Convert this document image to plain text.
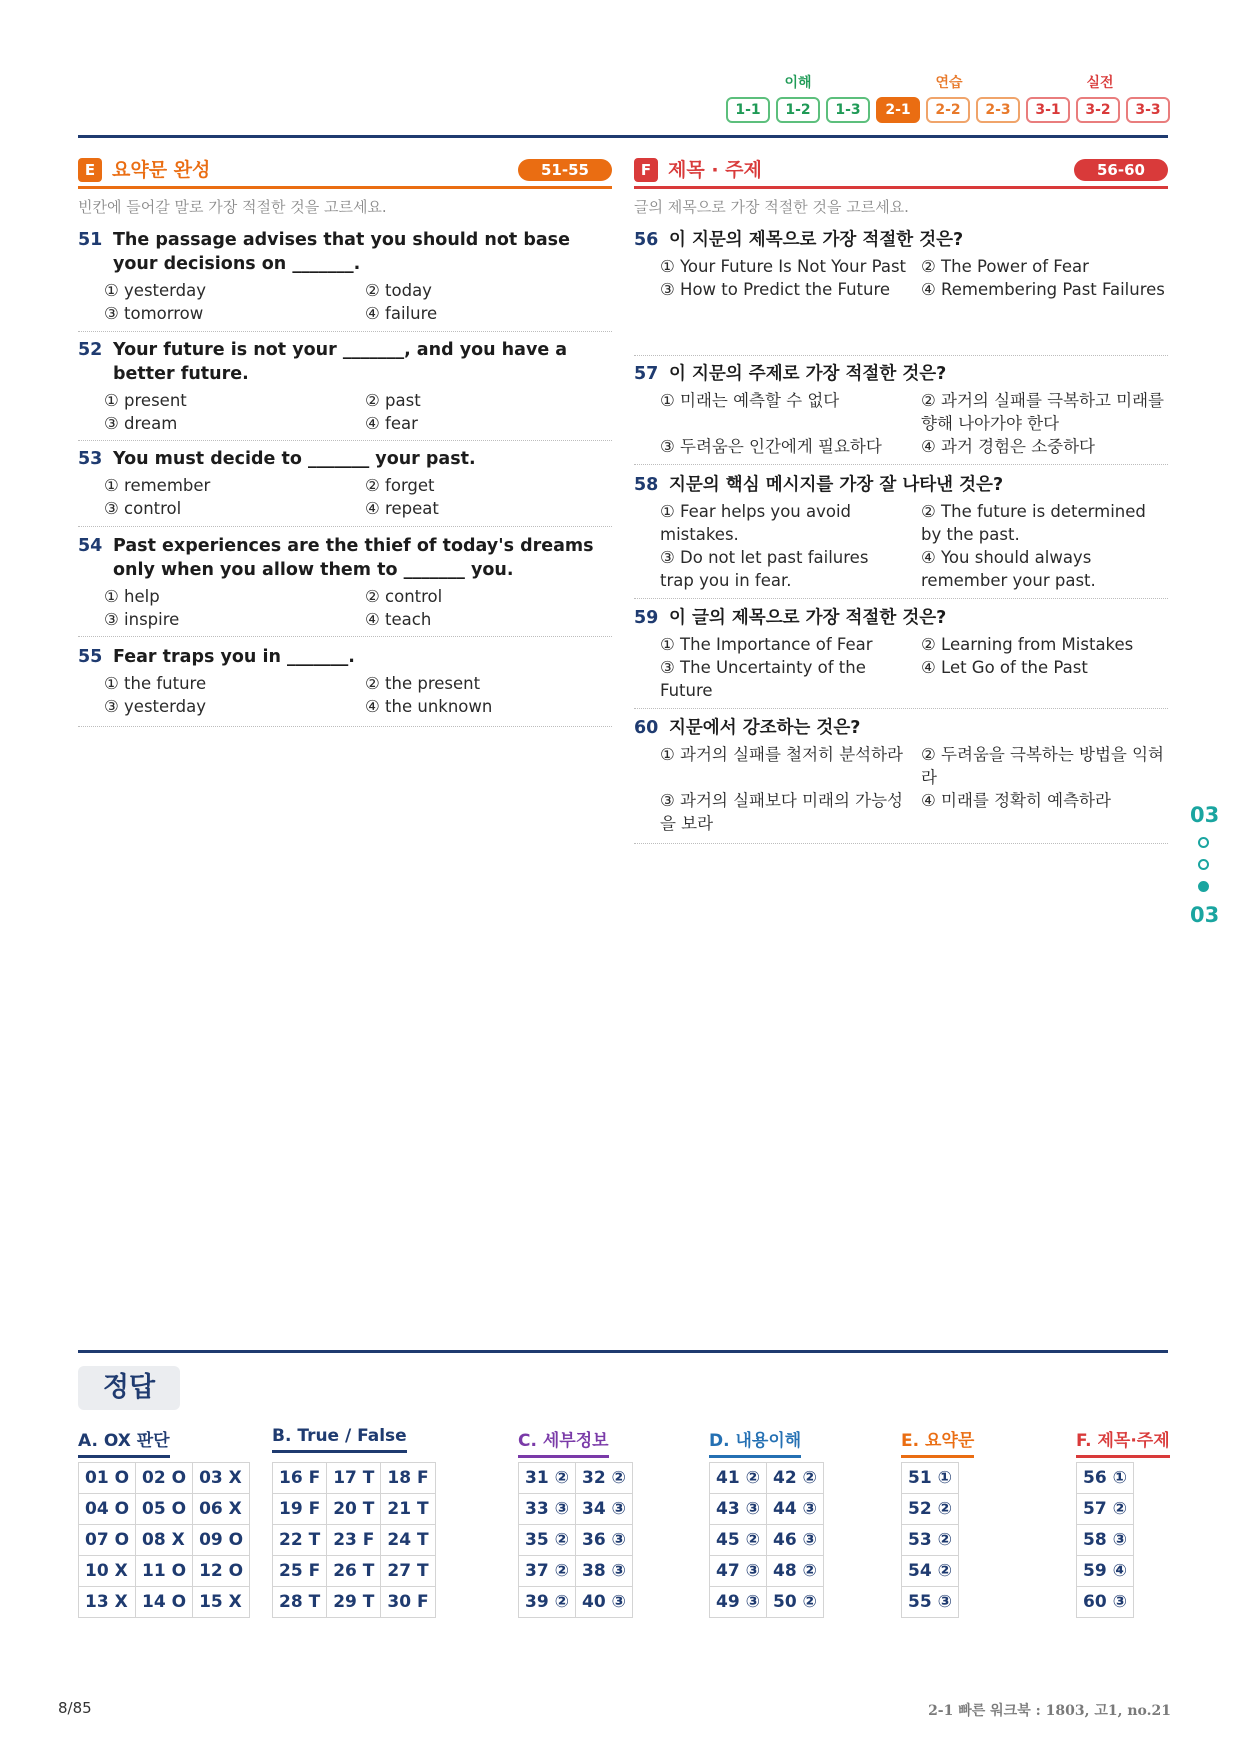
이해	연습	실전
1-1	1-2	1-3	2-1	2-2	2-3	3-1	3-2	3-3
E 요약문 완성	51-55
빈칸에 들어갈 말로 가장 적절한 것을 고르세요.
F 제목 · 주제	56-60
글의 제목으로 가장 적절한 것을 고르세요.
51 The passage advises that you should not base your decisions on _______.
① yesterday	② today
③ tomorrow	④ failure
52 Your future is not your _______, and you have a better future.
① present	② past
③ dream	④ fear
53 You must decide to _______ your past.
① remember	② forget
③ control	④ repeat
54 Past experiences are the thief of today's dreams only when you allow them to _______ you.
① help	② control
③ inspire	④ teach
55 Fear traps you in _______.
① the future	② the present
③ yesterday	④ the unknown
56 이 지문의 제목으로 가장 적절한 것은?
① Your Future Is Not Your Past ② The Power of Fear
③ How to Predict the Future	④ Remembering Past Failures
57 이 지문의 주제로 가장 적절한 것은?
① 미래는 예측할 수 없다	② 과거의 실패를 극복하고 미래를 향해 나아가야 한다
③ 두려움은 인간에게 필요하다	④ 과거 경험은 소중하다
58 지문의 핵심 메시지를 가장 잘 나타낸 것은?
① Fear helps you avoid mistakes.
② The future is determined by the past.
③ Do not let past failures trap you in fear.
④ You should always remember your past.
59 이 글의 제목으로 가장 적절한 것은?
① The Importance of Fear	② Learning from Mistakes
③ The Uncertainty of the Future
④ Let Go of the Past
60 지문에서 강조하는 것은?
① 과거의 실패를 철저히 분석하라 ② 두려움을 극복하는 방법을 익혀라
③ 과거의 실패보다 미래의 가능성을 보라
④ 미래를 정확히 예측하라
03
03
정답
A. OX 판단	B. True / False	C. 세부정보	D. 내용이해	E. 요약문	F. 제목·주제
01 O	02 O	03 X
04 O	05 O	06 X
07 O	08 X	09 O
10 X	11 O	12 O
13 X	14 O	15 X
16 F	17 T	18 F
19 F	20 T	21 T
22 T	23 F	24 T
25 F	26 T	27 T
28 T	29 T	30 F
31 ②	32 ②
33 ③	34 ③
35 ②	36 ③
37 ②	38 ③
39 ②	40 ③
41 ②	42 ②
43 ③	44 ③
45 ②	46 ③
47 ③	48 ②
49 ③	50 ②
51 ①
52 ②
53 ②
54 ②
55 ③
56 ①
57 ②
58 ③
59 ④
60 ③
8/85	2-1 빠른 워크북 : 1803, 고1, no.21
